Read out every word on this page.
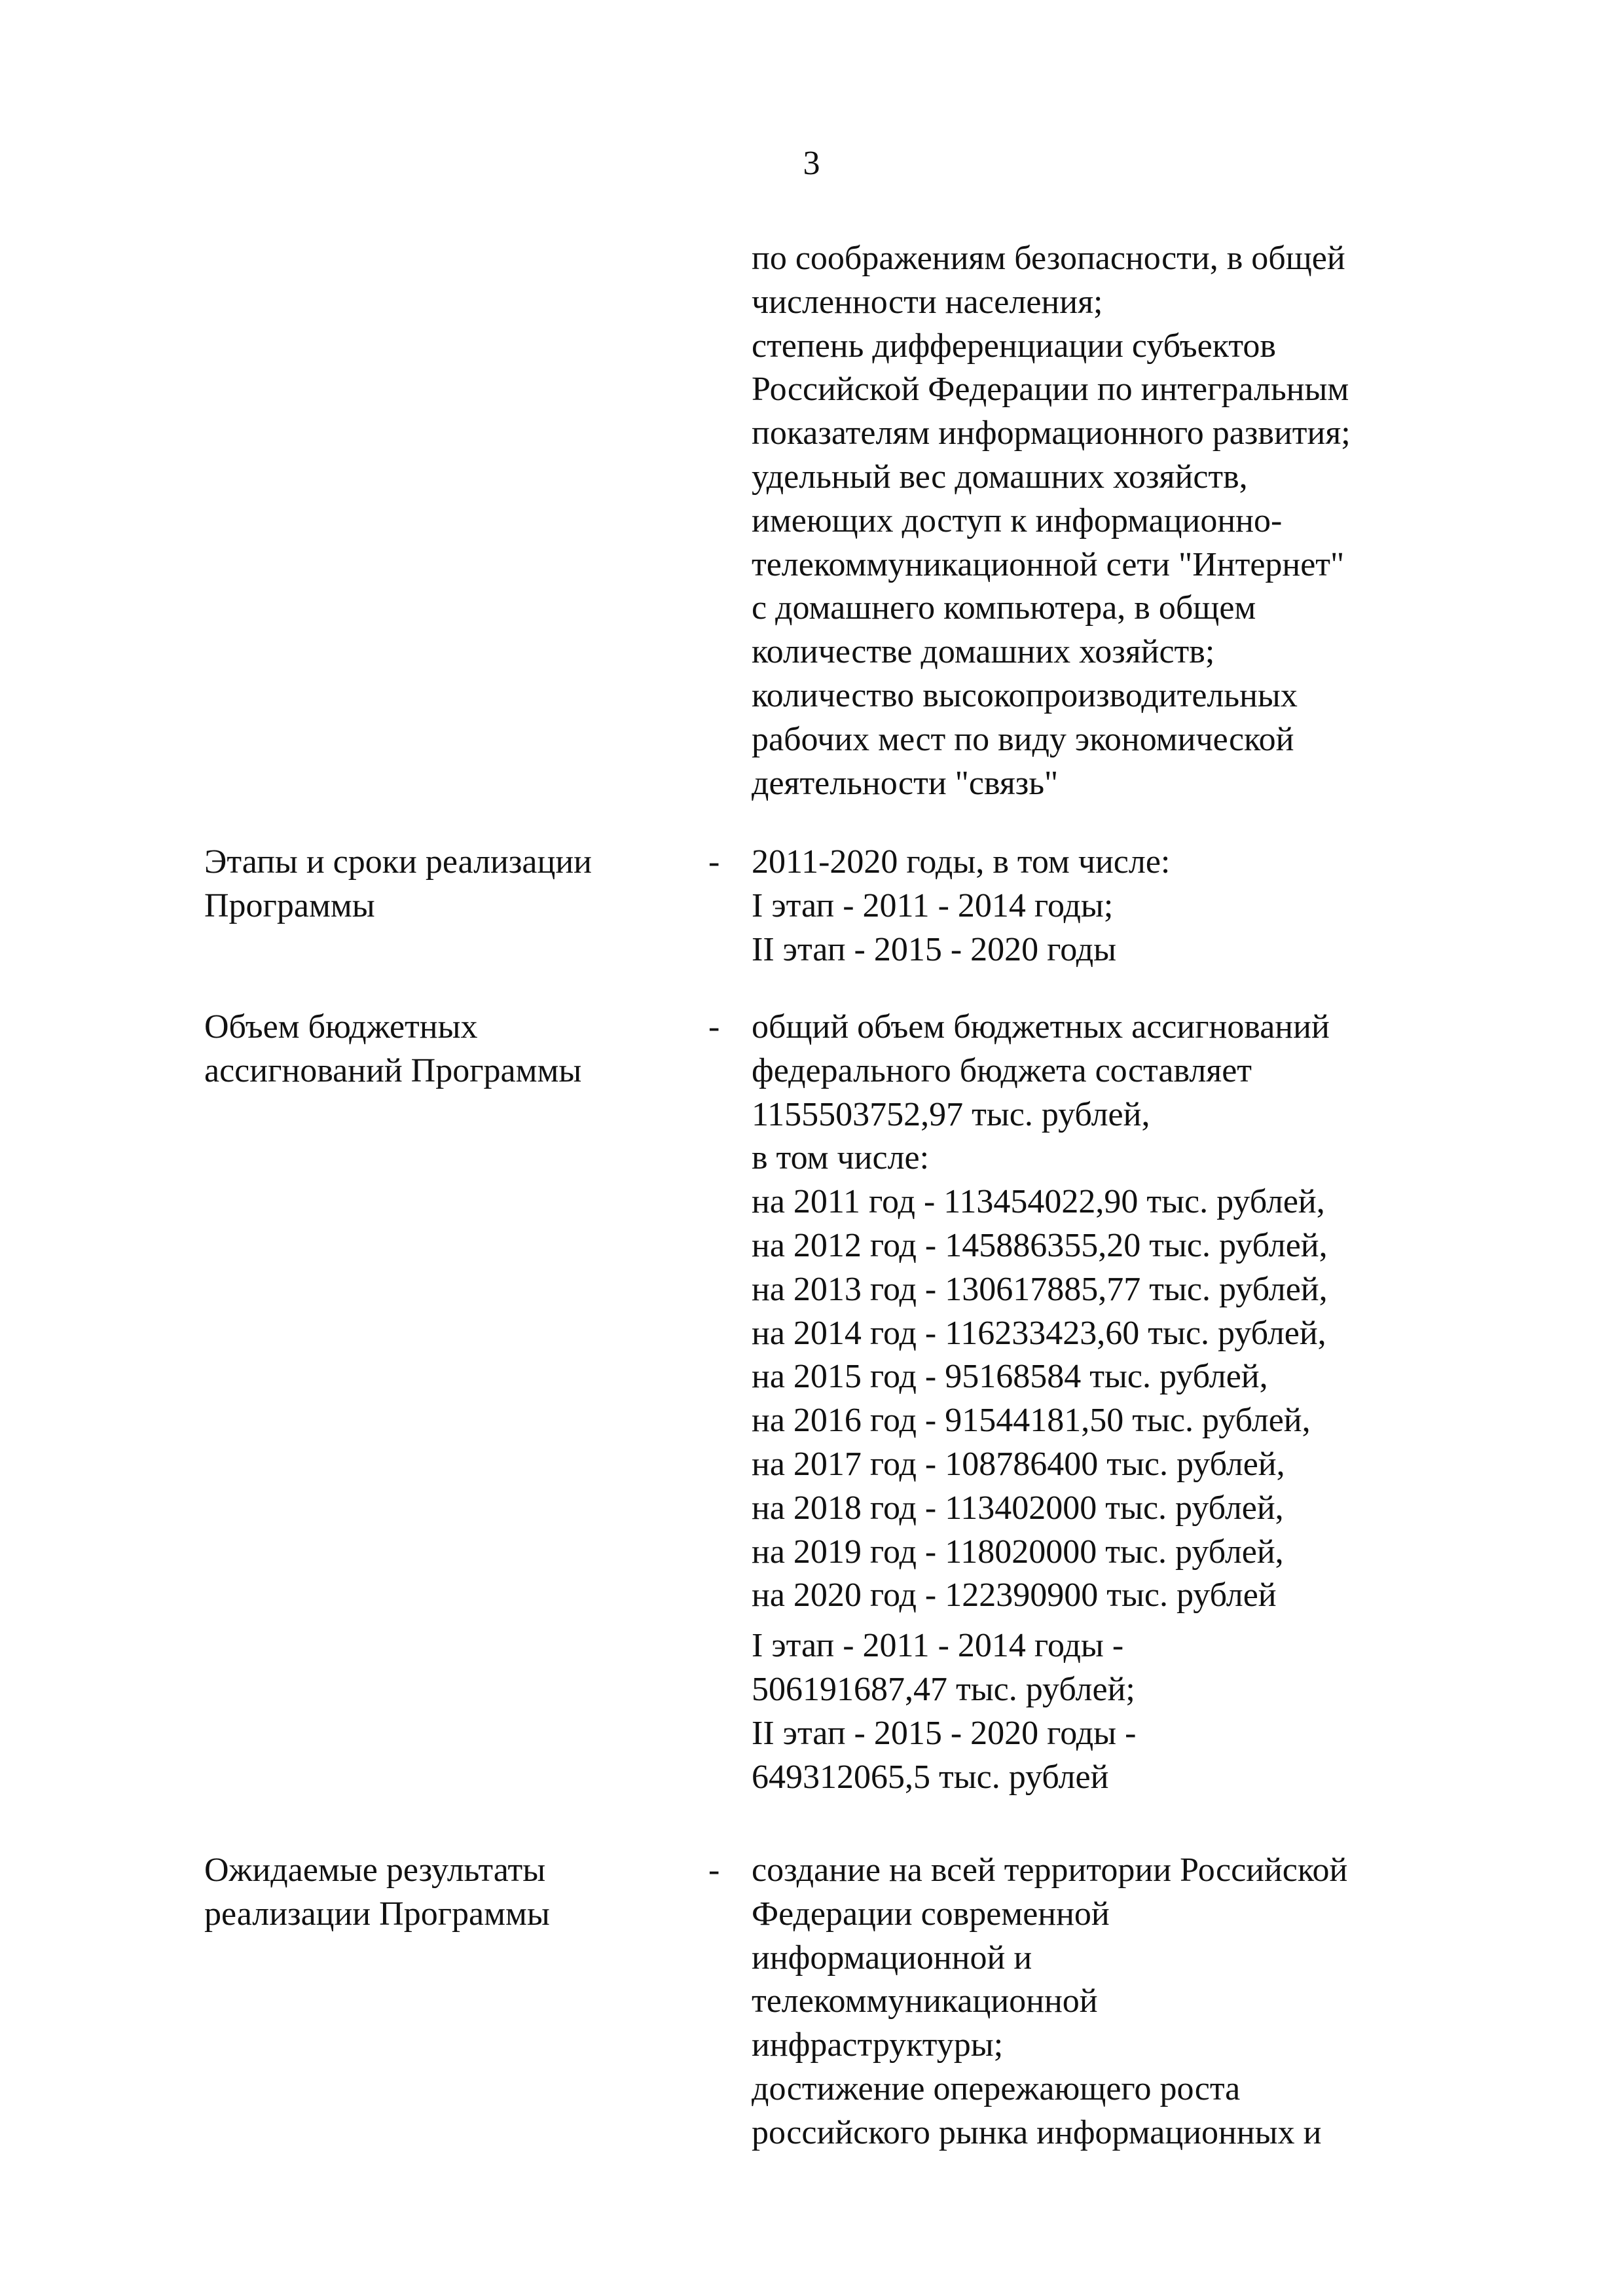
3
по соображениям безопасности, в общей
численности населения;
степень дифференциации субъектов
Российской Федерации по интегральным
показателям информационного развития;
удельный вес домашних хозяйств,
имеющих доступ к информационно-
телекоммуникационной сети "Интернет"
с домашнего компьютера, в общем
количестве домашних хозяйств;
количество высокопроизводительных
рабочих мест по виду экономической
деятельности "связь"
Этапы и сроки реализации
Программы
- 2011-2020 годы, в том числе:
I этап - 2011 - 2014 годы;
II этап - 2015 - 2020 годы
Объем бюджетных
ассигнований Программы
- общий объем бюджетных ассигнований
федерального бюджета составляет
1155503752,97 тыс. рублей,
в том числе:
на 2011 год - 113454022,90 тыс. рублей,
на 2012 год - 145886355,20 тыс. рублей,
на 2013 год - 130617885,77 тыс. рублей,
на 2014 год - 116233423,60 тыс. рублей,
на 2015 год - 95168584 тыс. рублей,
на 2016 год - 91544181,50 тыс. рублей,
на 2017 год - 108786400 тыс. рублей,
на 2018 год - 113402000 тыс. рублей,
на 2019 год - 118020000 тыс. рублей,
на 2020 год - 122390900 тыс. рублей
I этап - 2011 - 2014 годы -
506191687,47 тыс. рублей;
II этап - 2015 - 2020 годы -
649312065,5 тыс. рублей
Ожидаемые результаты
реализации Программы
- создание на всей территории Российской
Федерации современной
информационной и
телекоммуникационной
инфраструктуры;
достижение опережающего роста
российского рынка информационных и
